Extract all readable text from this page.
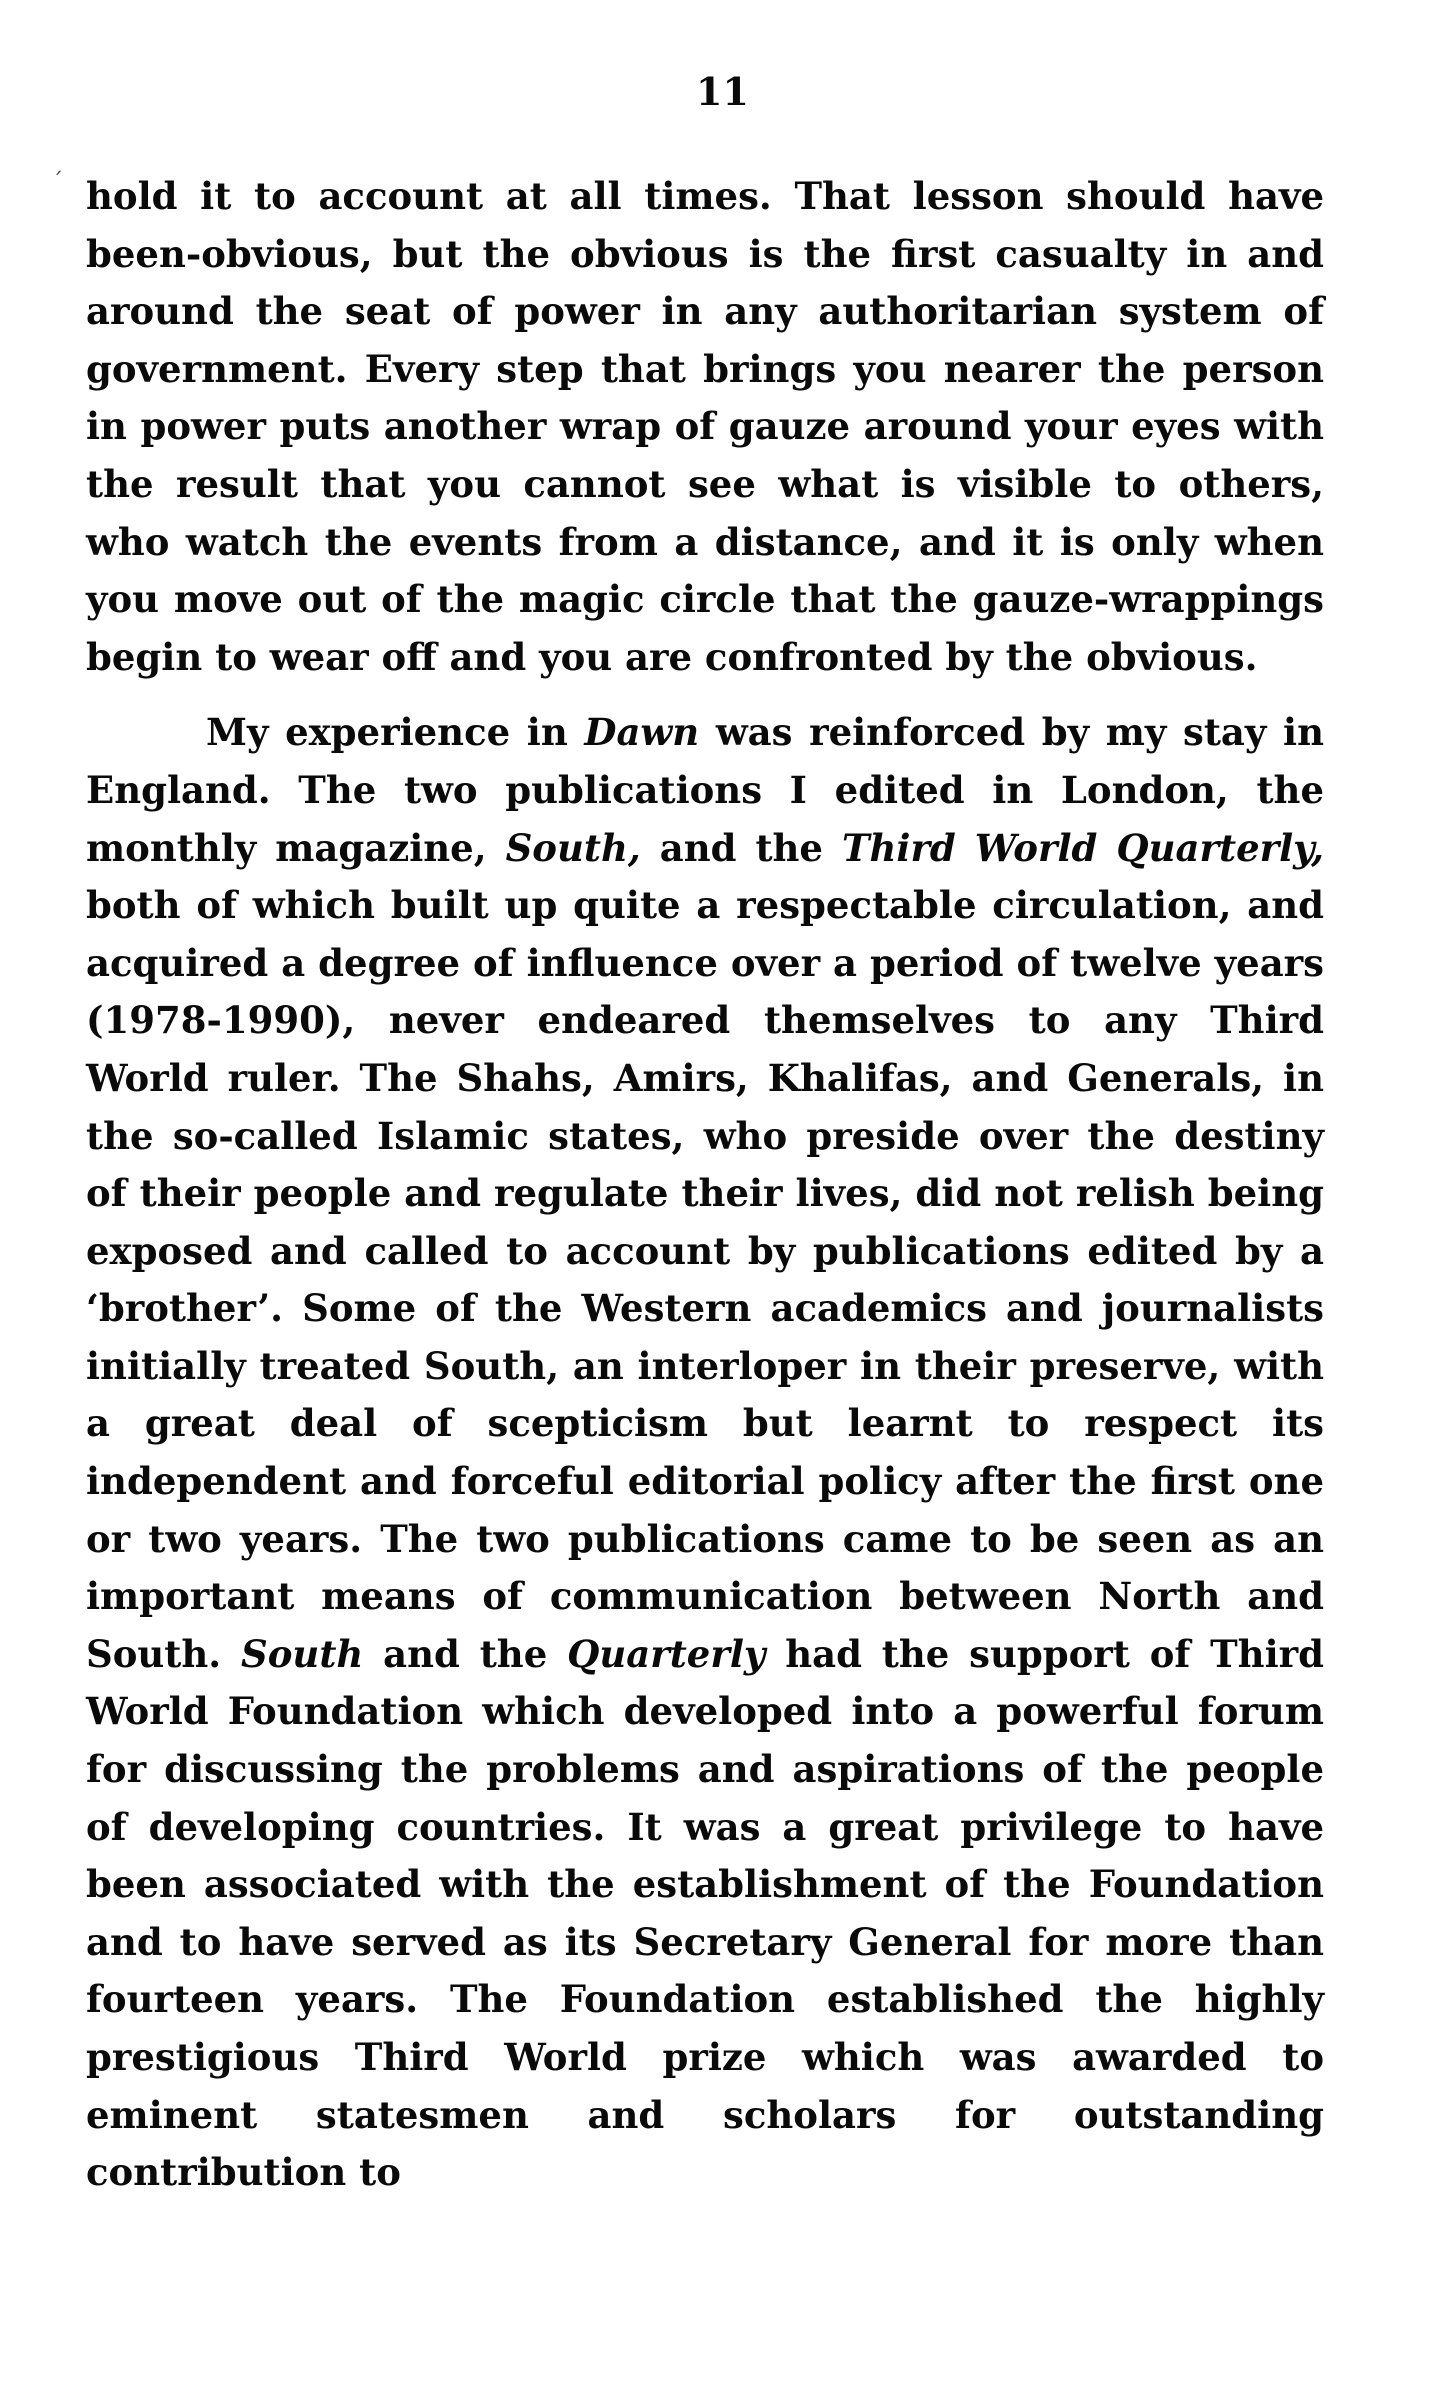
11
´ hold it to account at all times. That lesson should have been-obvious, but the obvious is the first casualty in and around the seat of power in any authoritarian system of government. Every step that brings you nearer the person in power puts another wrap of gauze around your eyes with the result that you cannot see what is visible to others, who watch the events from a distance, and it is only when you move out of the magic circle that the gauze-wrappings begin to wear off and you are confronted by the obvious.

My experience in Dawn was reinforced by my stay in England. The two publications I edited in London, the monthly magazine, South, and the Third World Quarterly, both of which built up quite a respectable circulation, and acquired a degree of influence over a period of twelve years (1978-1990), never endeared themselves to any Third World ruler. The Shahs, Amirs, Khalifas, and Generals, in the so-called Islamic states, who preside over the destiny of their people and regulate their lives, did not relish being exposed and called to account by publications edited by a ‘brother’. Some of the Western academics and journalists initially treated South, an interloper in their preserve, with a great deal of scepticism but learnt to respect its independent and forceful editorial policy after the first one or two years. The two publications came to be seen as an important means of communication between North and South. South and the Quarterly had the support of Third World Foundation which developed into a powerful forum for discussing the problems and aspirations of the people of developing countries. It was a great privilege to have been associated with the establishment of the Foundation and to have served as its Secretary General for more than fourteen years. The Foundation established the highly prestigious Third World prize which was awarded to eminent statesmen and scholars for outstanding contribution to
